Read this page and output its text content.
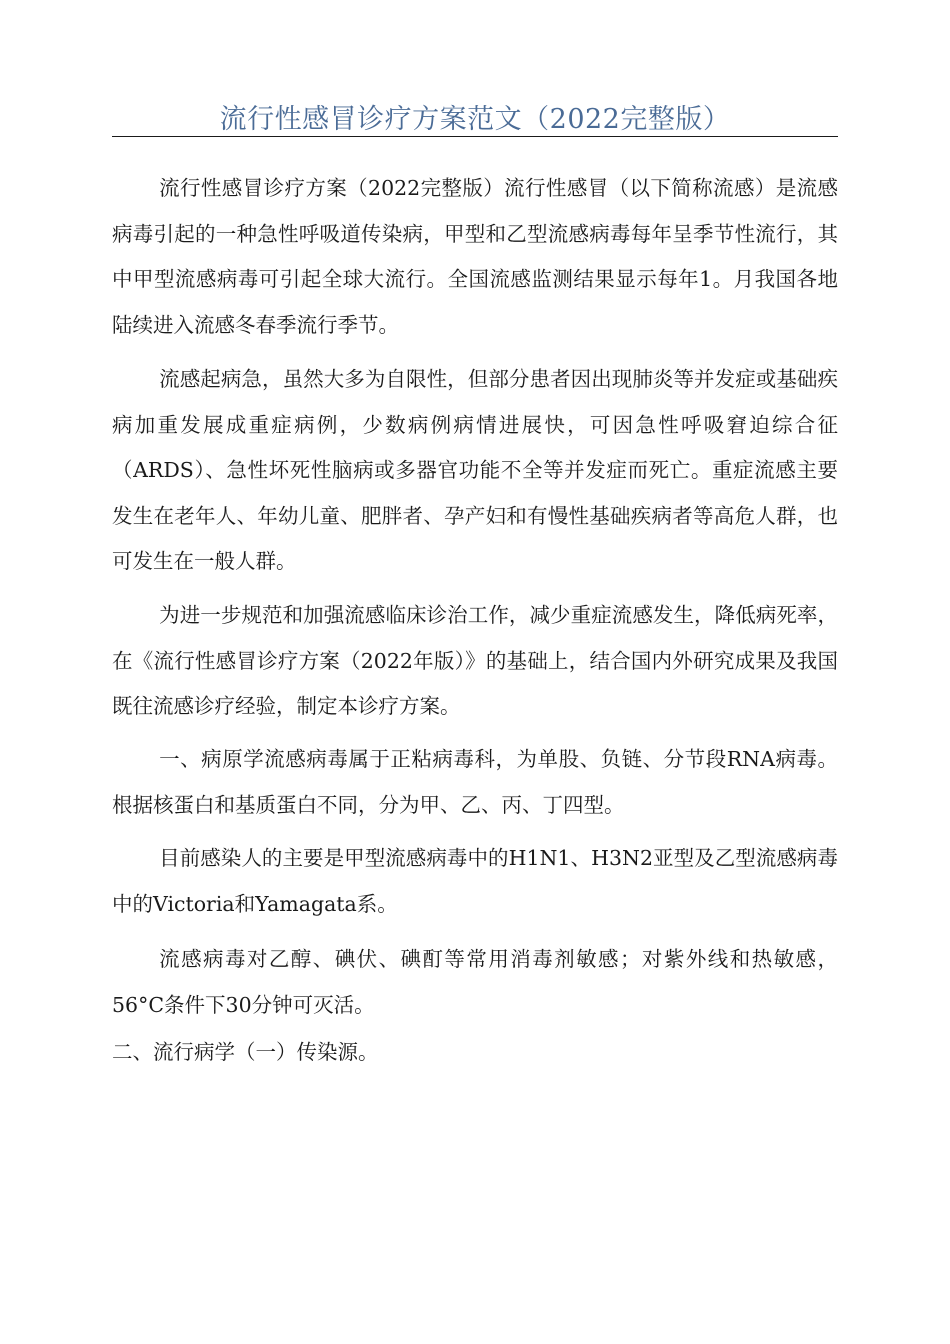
流行性感冒诊疗方案范文（2022完整版）

流行性感冒诊疗方案（2022完整版）流行性感冒（以下简称流感）是流感病毒引起的一种急性呼吸道传染病，甲型和乙型流感病毒每年呈季节性流行，其中甲型流感病毒可引起全球大流行。全国流感监测结果显示每年1。月我国各地陆续进入流感冬春季流行季节。

流感起病急，虽然大多为自限性，但部分患者因出现肺炎等并发症或基础疾病加重发展成重症病例，少数病例病情进展快，可因急性呼吸窘迫综合征（ARDS）、急性坏死性脑病或多器官功能不全等并发症而死亡。重症流感主要发生在老年人、年幼儿童、肥胖者、孕产妇和有慢性基础疾病者等高危人群，也可发生在一般人群。

为进一步规范和加强流感临床诊治工作，减少重症流感发生，降低病死率，在《流行性感冒诊疗方案（2022年版）》的基础上，结合国内外研究成果及我国既往流感诊疗经验，制定本诊疗方案。

一、病原学流感病毒属于正粘病毒科，为单股、负链、分节段RNA病毒。根据核蛋白和基质蛋白不同，分为甲、乙、丙、丁四型。

目前感染人的主要是甲型流感病毒中的H1N1、H3N2亚型及乙型流感病毒中的Victoria和Yamagata系。

流感病毒对乙醇、碘伏、碘酊等常用消毒剂敏感；对紫外线和热敏感，56°C条件下30分钟可灭活。

二、流行病学（一）传染源。
